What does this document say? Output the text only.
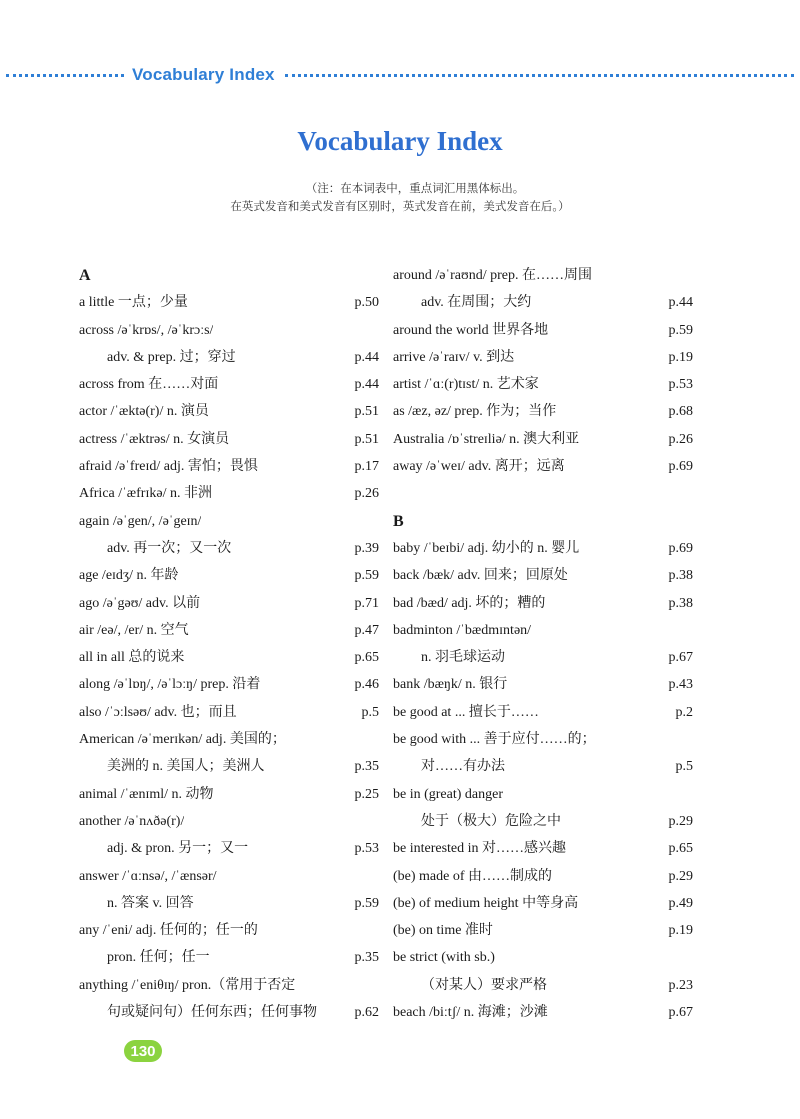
Vocabulary Index
Vocabulary Index
（注：在本词表中，重点词汇用黑体标出。
在英式发音和美式发音有区别时，英式发音在前，美式发音在后。）
A
a little 一点；少量	p.50
across /əˈkrɒs/, /əˈkrɔːs/
adv. & prep. 过；穿过	p.44
across from 在……对面	p.44
actor /ˈæktə(r)/ n. 演员	p.51
actress /ˈæktrəs/ n. 女演员	p.51
afraid /əˈfreɪd/ adj. 害怕；畏惧	p.17
Africa /ˈæfrɪkə/ n. 非洲	p.26
again /əˈgen/, /əˈgeɪn/
adv. 再一次；又一次	p.39
age /eɪdʒ/ n. 年龄	p.59
ago /əˈgəʊ/ adv. 以前	p.71
air /eə/, /er/ n. 空气	p.47
all in all 总的说来	p.65
along /əˈlɒŋ/, /əˈlɔːŋ/ prep. 沿着	p.46
also /ˈɔːlsəʊ/ adv. 也；而且	p.5
American /əˈmerɪkən/ adj. 美国的；
美洲的 n. 美国人；美洲人	p.35
animal /ˈænɪml/ n. 动物	p.25
another /əˈnʌðə(r)/
adj. & pron. 另一；又一	p.53
answer /ˈɑːnsə/, /ˈænsər/
n. 答案 v. 回答	p.59
any /ˈeni/ adj. 任何的；任一的
pron. 任何；任一	p.35
anything /ˈeniθɪŋ/ pron.（常用于否定
句或疑问句）任何东西；任何事物	p.62
around /əˈraʊnd/ prep. 在……周围
adv. 在周围；大约	p.44
around the world 世界各地	p.59
arrive /əˈraɪv/ v. 到达	p.19
artist /ˈɑː(r)tɪst/ n. 艺术家	p.53
as /æz, əz/ prep. 作为；当作	p.68
Australia /ɒˈstreɪliə/ n. 澳大利亚	p.26
away /əˈweɪ/ adv. 离开；远离	p.69
B
baby /ˈbeɪbi/ adj. 幼小的 n. 婴儿	p.69
back /bæk/ adv. 回来；回原处	p.38
bad /bæd/ adj. 坏的；糟的	p.38
badminton /ˈbædmɪntən/
n. 羽毛球运动	p.67
bank /bæŋk/ n. 银行	p.43
be good at ... 擅长于……	p.2
be good with ... 善于应付……的；
对……有办法	p.5
be in (great) danger
处于（极大）危险之中	p.29
be interested in 对……感兴趣	p.65
(be) made of 由……制成的	p.29
(be) of medium height 中等身高	p.49
(be) on time 准时	p.19
be strict (with sb.)
（对某人）要求严格	p.23
beach /biːtʃ/ n. 海滩；沙滩	p.67
130
